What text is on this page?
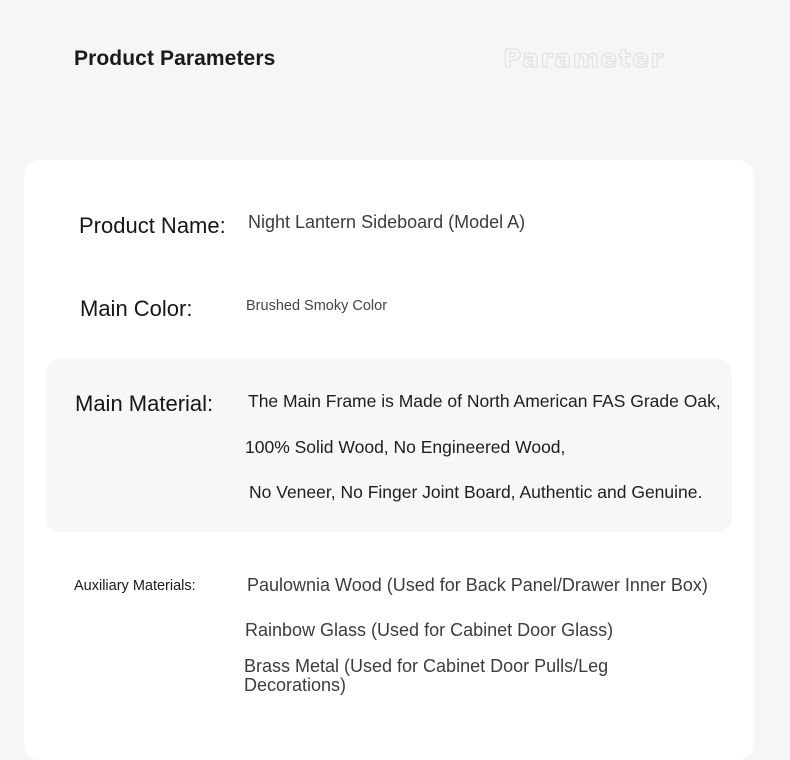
Product Parameters	Parameter
Product Name: Night Lantern Sideboard (Model A)
Main Color:	Brushed Smoky Color
Main Material: The Main Frame is Made of North American FAS Grade Oak,
100% Solid Wood, No Engineered Wood,
No Veneer, No Finger Joint Board, Authentic and Genuine.
Auxiliary Materials:	Paulownia Wood (Used for Back Panel/Drawer Inner Box)
Rainbow Glass (Used for Cabinet Door Glass)
Brass Metal (Used for Cabinet Door Pulls/Leg Decorations)
